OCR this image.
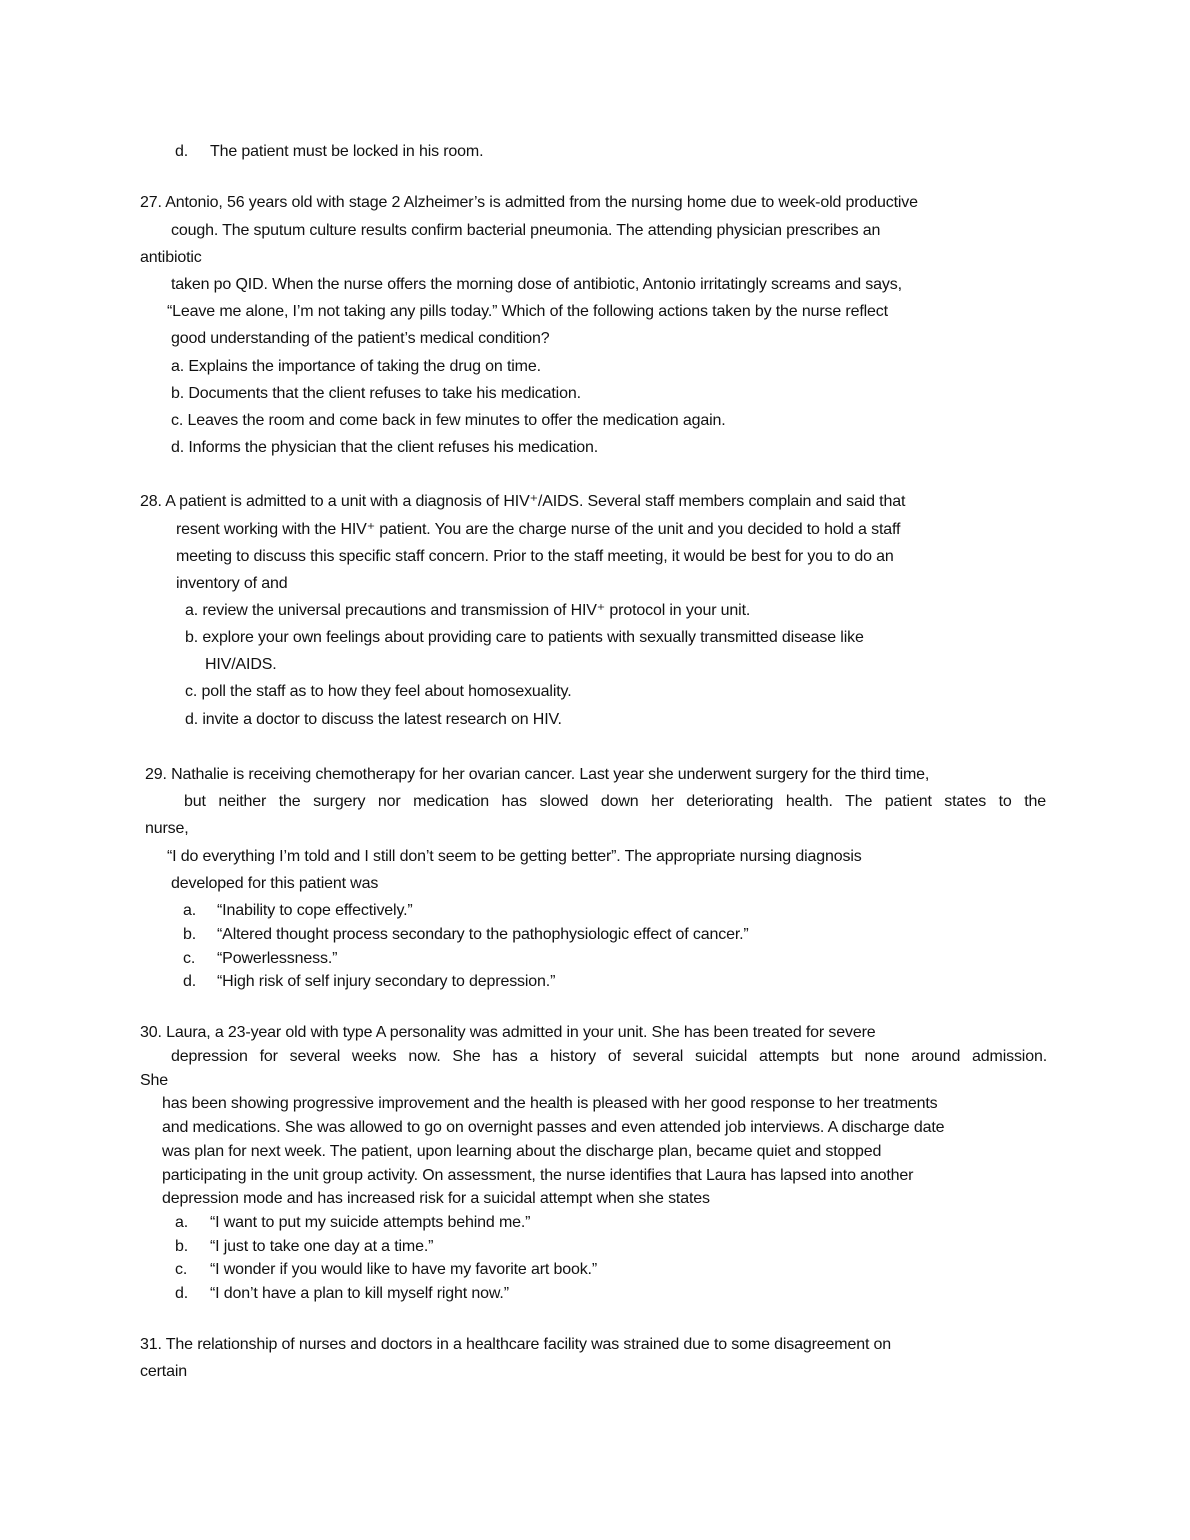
d. The patient must be locked in his room.
27. Antonio, 56 years old with stage 2 Alzheimer’s is admitted from the nursing home due to week-old productive
cough. The sputum culture results confirm bacterial pneumonia. The attending physician prescribes an
antibiotic
taken po QID. When the nurse offers the morning dose of antibiotic, Antonio irritatingly screams and says,
“Leave me alone, I’m not taking any pills today.” Which of the following actions taken by the nurse reflect
good understanding of the patient’s medical condition?
a. Explains the importance of taking the drug on time.
b. Documents that the client refuses to take his medication.
c. Leaves the room and come back in few minutes to offer the medication again.
d. Informs the physician that the client refuses his medication.
28. A patient is admitted to a unit with a diagnosis of HIV⁺/AIDS. Several staff members complain and said that
resent working with the HIV⁺ patient. You are the charge nurse of the unit and you decided to hold a staff
meeting to discuss this specific staff concern. Prior to the staff meeting, it would be best for you to do an
inventory of and
a. review the universal precautions and transmission of HIV⁺ protocol in your unit.
b. explore your own feelings about providing care to patients with sexually transmitted disease like
HIV/AIDS.
c. poll the staff as to how they feel about homosexuality.
d. invite a doctor to discuss the latest research on HIV.
29. Nathalie is receiving chemotherapy for her ovarian cancer. Last year she underwent surgery for the third time,
but neither the surgery nor medication has slowed down her deteriorating health. The patient states to the
nurse,
“I do everything I’m told and I still don’t seem to be getting better”. The appropriate nursing diagnosis
developed for this patient was
a. “Inability to cope effectively.”
b. “Altered thought process secondary to the pathophysiologic effect of cancer.”
c. “Powerlessness.”
d. “High risk of self injury secondary to depression.”
30. Laura, a 23-year old with type A personality was admitted in your unit. She has been treated for severe
depression for several weeks now. She has a history of several suicidal attempts but none around admission.
She
has been showing progressive improvement and the health is pleased with her good response to her treatments
and medications. She was allowed to go on overnight passes and even attended job interviews. A discharge date
was plan for next week. The patient, upon learning about the discharge plan, became quiet and stopped
participating in the unit group activity. On assessment, the nurse identifies that Laura has lapsed into another
depression mode and has increased risk for a suicidal attempt when she states
a. “I want to put my suicide attempts behind me.”
b. “I just to take one day at a time.”
c. “I wonder if you would like to have my favorite art book.”
d. “I don’t have a plan to kill myself right now.”
31. The relationship of nurses and doctors in a healthcare facility was strained due to some disagreement on
certain
